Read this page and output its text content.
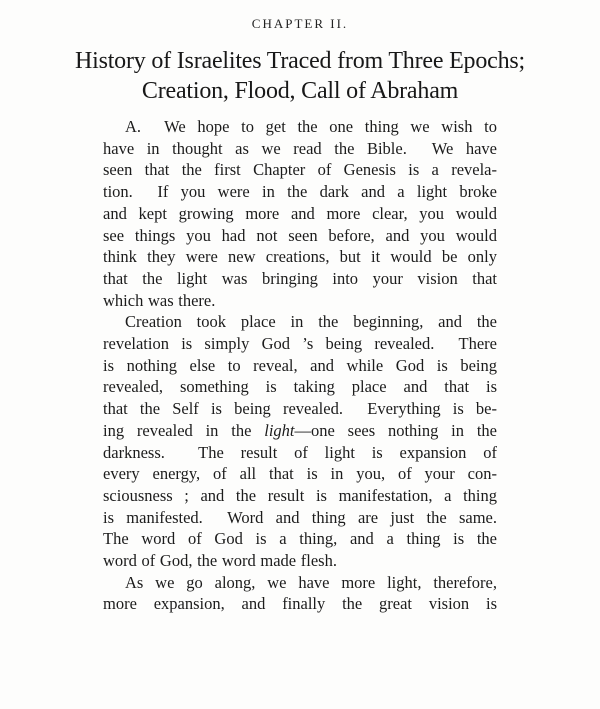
CHAPTER II.
History of Israelites Traced from Three Epochs;
Creation, Flood, Call of Abraham
A.  We hope to get the one thing we wish to
have in thought as we read the Bible.  We have
seen that the first Chapter of Genesis is a revela-
tion.  If you were in the dark and a light broke
and kept growing more and more clear, you would
see things you had not seen before, and you would
think they were new creations, but it would be only
that the light was bringing into your vision that
which was there.
Creation took place in the beginning, and the
revelation is simply God ’s being revealed.  There
is nothing else to reveal, and while God is being
revealed, something is taking place and that is
that the Self is being revealed.  Everything is be-
ing revealed in the light—one sees nothing in the
darkness.  The result of light is expansion of
every energy, of all that is in you, of your con-
sciousness ; and the result is manifestation, a thing
is manifested.  Word and thing are just the same.
The word of God is a thing, and a thing is the
word of God, the word made flesh.
As we go along, we have more light, therefore,
more expansion, and finally the great vision is
